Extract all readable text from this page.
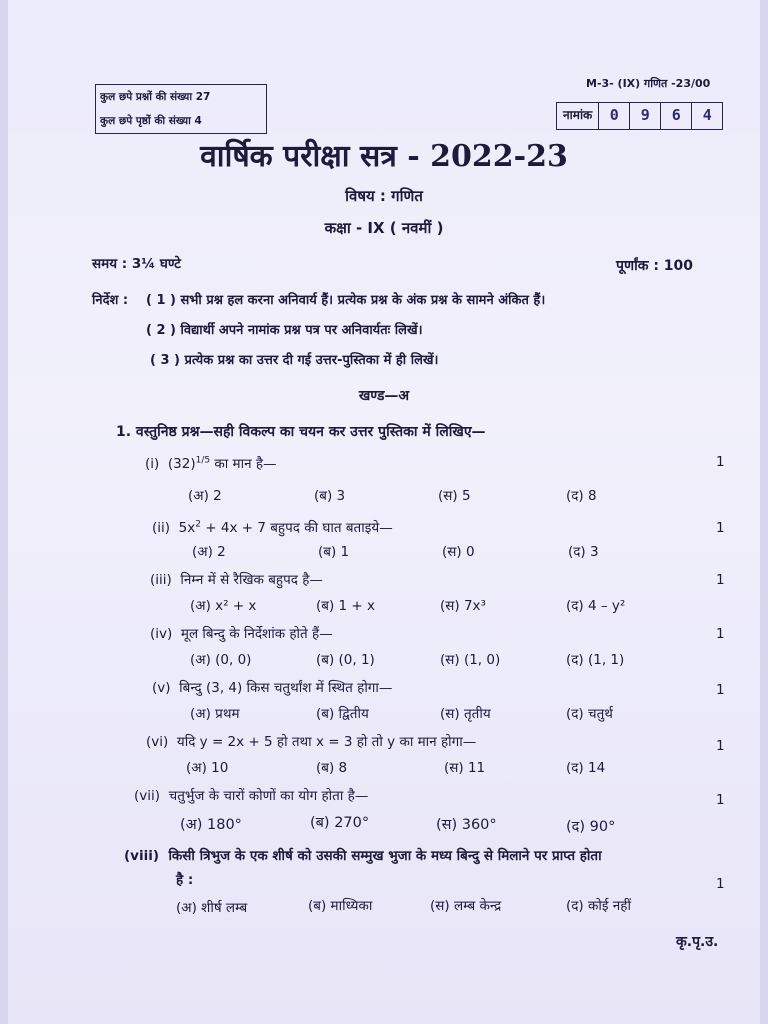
कुल छपे प्रश्नों की संख्या 27
कुल छपे पृष्ठों की संख्या 4
M-3- (IX) गणित -23/00
नामांक	0	9	6	4
वार्षिक परीक्षा सत्र - 2022-23
विषय : गणित
कक्षा - IX ( नवमीं )
समय : 3¼ घण्टे	पूर्णांक : 100
निर्देश : ( 1 ) सभी प्रश्न हल करना अनिवार्य हैं। प्रत्येक प्रश्न के अंक प्रश्न के सामने अंकित हैं।
( 2 ) विद्यार्थी अपने नामांक प्रश्न पत्र पर अनिवार्यतः लिखें।
( 3 ) प्रत्येक प्रश्न का उत्तर दी गई उत्तर-पुस्तिका में ही लिखें।
खण्ड—अ
1. वस्तुनिष्ठ प्रश्न—सही विकल्प का चयन कर उत्तर पुस्तिका में लिखिए—
(i) $(32)^{1/5}$ का मान है—	1
(अ) 2	(ब) 3	(स) 5	(द) 8
(ii) $5x^2 + 4x + 7$ बहुपद की घात बताइये—	1
(अ) 2	(ब) 1	(स) 0	(द) 3
(iii) निम्न में से रैखिक बहुपद है—	1
(अ) x² + x	(ब) 1 + x	(स) 7x³	(द) 4 – y²
(iv) मूल बिन्दु के निर्देशांक होते हैं—	1
(अ) (0, 0)	(ब) (0, 1)	(स) (1, 0)	(द) (1, 1)
(v) बिन्दु (3, 4) किस चतुर्थांश में स्थित होगा—	1
(अ) प्रथम	(ब) द्वितीय	(स) तृतीय	(द) चतुर्थ
(vi) यदि y = 2x + 5 हो तथा x = 3 हो तो y का मान होगा—	1
(अ) 10	(ब) 8	(स) 11	(द) 14
(vii) चतुर्भुज के चारों कोणों का योग होता है—	1
(अ) 180°	(ब) 270°	(स) 360°	(द) 90°
(viii) किसी त्रिभुज के एक शीर्ष को उसकी सम्मुख भुजा के मध्य बिन्दु से मिलाने पर प्राप्त होता
है :	1
(अ) शीर्ष लम्ब	(ब) माध्यिका	(स) लम्ब केन्द्र	(द) कोई नहीं
कृ.पृ.उ.
